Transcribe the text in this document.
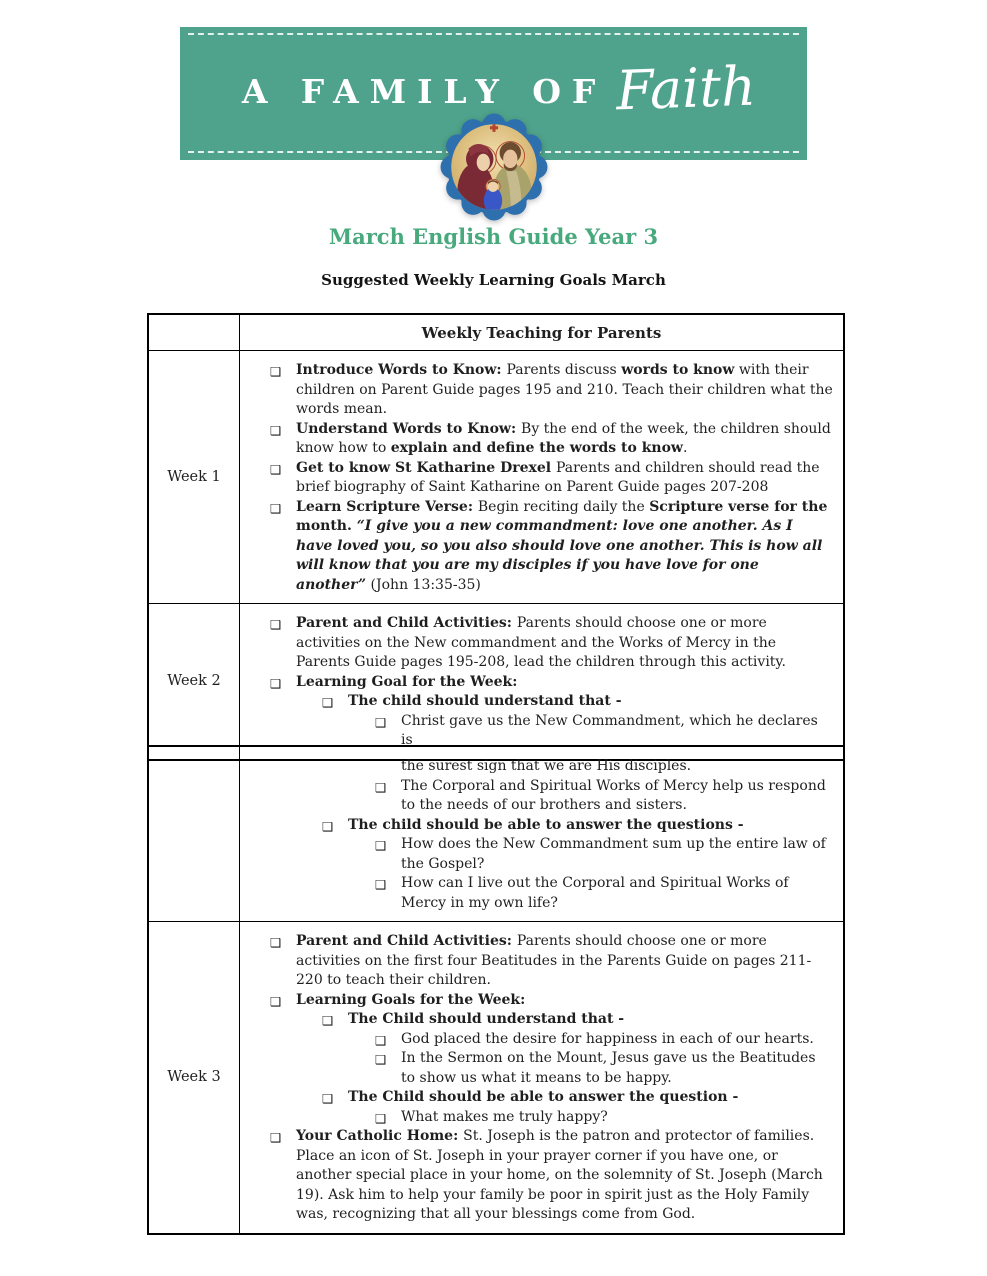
A FAMILY OF Faith
March English Guide Year 3
Suggested Weekly Learning Goals March
	Weekly Teaching for Parents
Week 1	
❑ Introduce Words to Know: Parents discuss words to know with their children on Parent Guide pages 195 and 210. Teach their children what the words mean.
❑ Understand Words to Know: By the end of the week, the children should know how to explain and define the words to know.
❑ Get to know St Katharine Drexel Parents and children should read the brief biography of Saint Katharine on Parent Guide pages 207-208
❑ Learn Scripture Verse: Begin reciting daily the Scripture verse for the month. “I give you a new commandment: love one another. As I have loved you, so you also should love one another. This is how all will know that you are my disciples if you have love for one another” (John 13:35-35)

Week 2	
❑ Parent and Child Activities: Parents should choose one or more activities on the New commandment and the Works of Mercy in the Parents Guide pages 195-208, lead the children through this activity.
❑ Learning Goal for the Week:
❑ The child should understand that -
❑ Christ gave us the New Commandment, which he declares is

the surest sign that we are His disciples.
❑ The Corporal and Spiritual Works of Mercy help us respond to the needs of our brothers and sisters.
❑ The child should be able to answer the questions -
❑ How does the New Commandment sum up the entire law of the Gospel?
❑ How can I live out the Corporal and Spiritual Works of Mercy in my own life?

Week 3	
❑ Parent and Child Activities: Parents should choose one or more activities on the first four Beatitudes in the Parents Guide on pages 211-220 to teach their children.
❑ Learning Goals for the Week:
❑ The Child should understand that -
❑ God placed the desire for happiness in each of our hearts.
❑ In the Sermon on the Mount, Jesus gave us the Beatitudes to show us what it means to be happy.
❑ The Child should be able to answer the question -
❑ What makes me truly happy?
❑ Your Catholic Home: St. Joseph is the patron and protector of families. Place an icon of St. Joseph in your prayer corner if you have one, or another special place in your home, on the solemnity of St. Joseph (March 19). Ask him to help your family be poor in spirit just as the Holy Family was, recognizing that all your blessings come from God.
